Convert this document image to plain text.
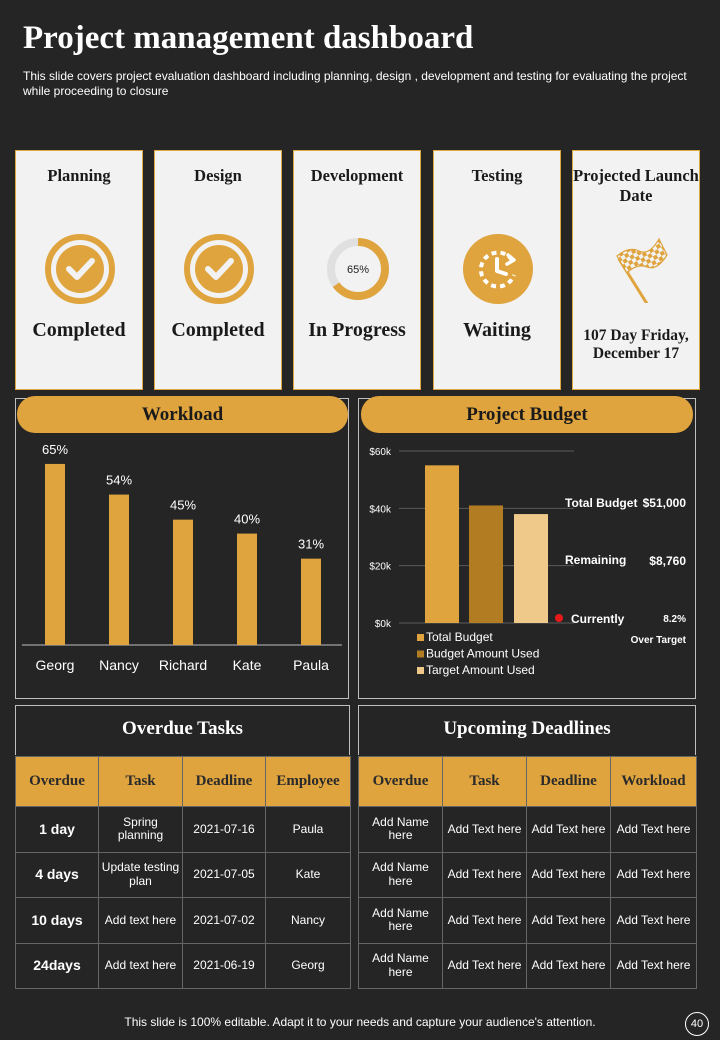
Project management dashboard
This slide covers project evaluation dashboard including planning, design , development and testing for evaluating the project while proceeding to closure
Planning
Completed
Design
Completed
Development
65%
In Progress
Testing
Waiting
Projected Launch Date
107 Day Friday, December 17
Workload
65%
Georg
54%
Nancy
45%
Richard
40%
Kate
31%
Paula
Project Budget
Total Budget $51,000
Remaining $8,760
Currently	8.2%
Over Target
$0k
$20k
$40k
$60k
Total Budget
Budget Amount Used
Target Amount Used
Overdue Tasks
Overdue	Task	Deadline	Employee
1 day	Spring planning	2021-07-16	Paula
4 days	Update testing plan	2021-07-05	Kate
10 days	Add text here	2021-07-02	Nancy
24days	Add text here	2021-06-19	Georg
Upcoming Deadlines
Overdue	Task	Deadline	Workload
Add Name here	Add Text here	Add Text here	Add Text here
Add Name here	Add Text here	Add Text here	Add Text here
Add Name here	Add Text here	Add Text here	Add Text here
Add Name here	Add Text here	Add Text here	Add Text here
This slide is 100% editable. Adapt it to your needs and capture your audience's attention.	40
